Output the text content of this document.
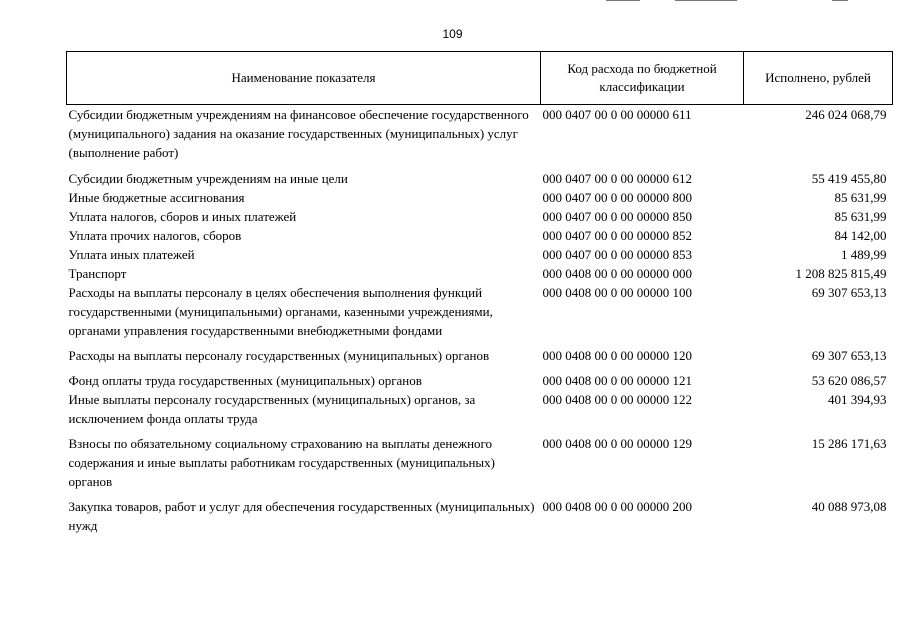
109
Наименование показателя	Код расхода по бюджетной классификации	Исполнено, рублей
Субсидии бюджетным учреждениям на финансовое обеспечение государственного (муниципального) задания на оказание государственных (муниципальных) услуг (выполнение работ)	000 0407 00 0 00 00000 611	246 024 068,79
Субсидии бюджетным учреждениям на иные цели	000 0407 00 0 00 00000 612	55 419 455,80
Иные бюджетные ассигнования	000 0407 00 0 00 00000 800	85 631,99
Уплата налогов, сборов и иных платежей	000 0407 00 0 00 00000 850	85 631,99
Уплата прочих налогов, сборов	000 0407 00 0 00 00000 852	84 142,00
Уплата иных платежей	000 0407 00 0 00 00000 853	1 489,99
Транспорт	000 0408 00 0 00 00000 000	1 208 825 815,49
Расходы на выплаты персоналу в целях обеспечения выполнения функций государственными (муниципальными) органами, казенными учреждениями, органами управления государственными внебюджетными фондами	000 0408 00 0 00 00000 100	69 307 653,13
Расходы на выплаты персоналу государственных (муниципальных) органов	000 0408 00 0 00 00000 120	69 307 653,13
Фонд оплаты труда государственных (муниципальных) органов	000 0408 00 0 00 00000 121	53 620 086,57
Иные выплаты персоналу государственных (муниципальных) органов, за исключением фонда оплаты труда	000 0408 00 0 00 00000 122	401 394,93
Взносы по обязательному социальному страхованию на выплаты денежного содержания и иные выплаты работникам государственных (муниципальных) органов	000 0408 00 0 00 00000 129	15 286 171,63
Закупка товаров, работ и услуг для обеспечения государственных (муниципальных) нужд	000 0408 00 0 00 00000 200	40 088 973,08
